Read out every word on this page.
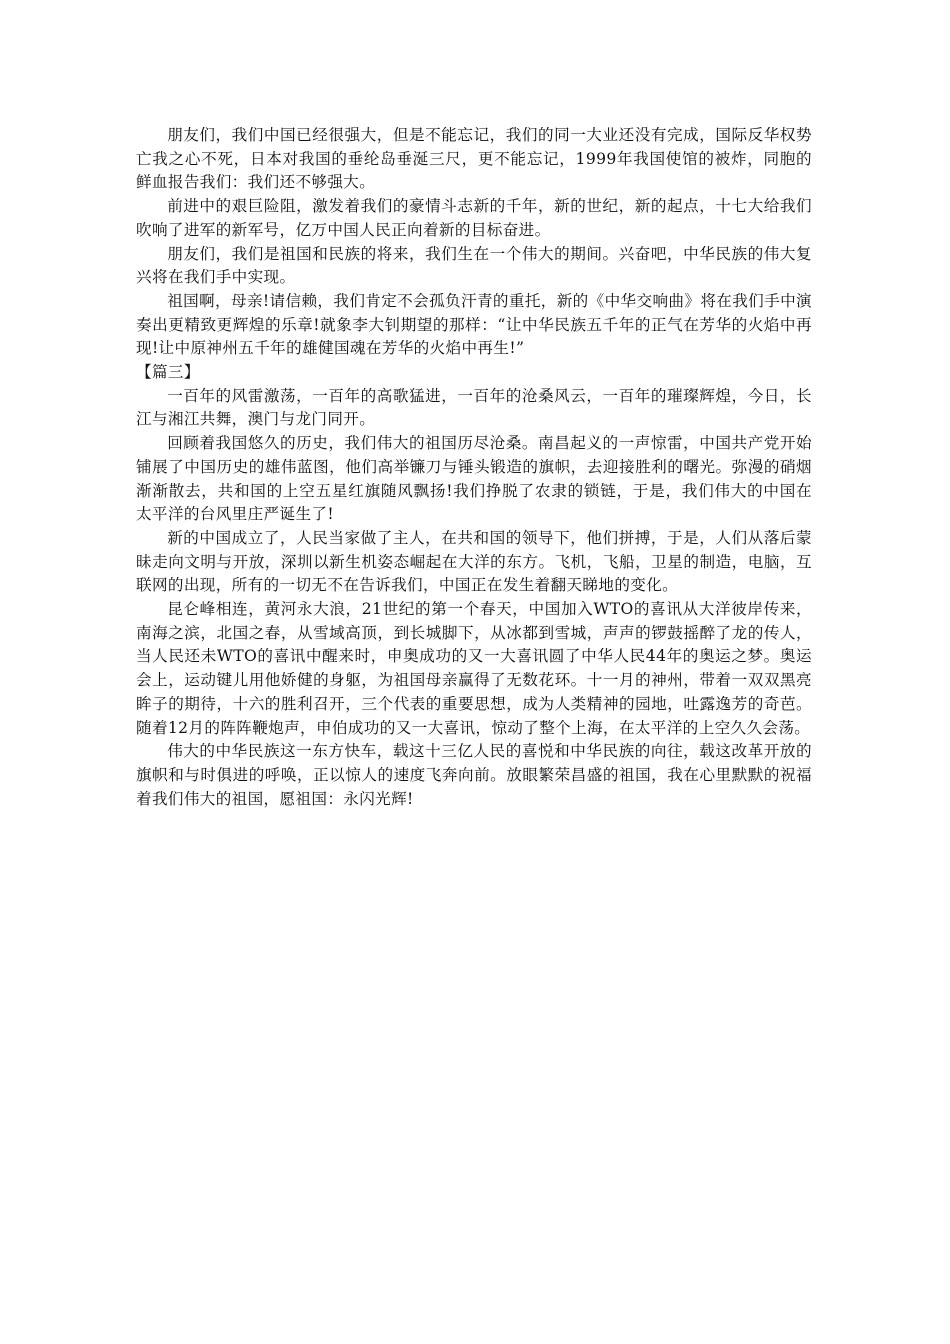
朋友们，我们中国已经很强大，但是不能忘记，我们的同一大业还没有完成，国际反华权势亡我之心不死，日本对我国的垂纶岛垂涎三尺，更不能忘记，1999年我国使馆的被炸，同胞的鲜血报告我们：我们还不够强大。

前进中的艰巨险阻，激发着我们的豪情斗志新的千年，新的世纪，新的起点，十七大给我们吹响了进军的新军号，亿万中国人民正向着新的目标奋进。

朋友们，我们是祖国和民族的将来，我们生在一个伟大的期间。兴奋吧，中华民族的伟大复兴将在我们手中实现。

祖国啊，母亲!请信赖，我们肯定不会孤负汗青的重托，新的《中华交响曲》将在我们手中演奏出更精致更辉煌的乐章!就象李大钊期望的那样：“让中华民族五千年的正气在芳华的火焰中再现!让中原神州五千年的雄健国魂在芳华的火焰中再生!”

【篇三】

一百年的风雷激荡，一百年的高歌猛进，一百年的沧桑风云，一百年的璀璨辉煌，今日，长江与湘江共舞，澳门与龙门同开。

回顾着我国悠久的历史，我们伟大的祖国历尽沧桑。南昌起义的一声惊雷，中国共产党开始铺展了中国历史的雄伟蓝图，他们高举镰刀与锤头锻造的旗帜，去迎接胜利的曙光。弥漫的硝烟渐渐散去，共和国的上空五星红旗随风飘扬!我们挣脱了农隶的锁链，于是，我们伟大的中国在太平洋的台风里庄严诞生了!

新的中国成立了，人民当家做了主人，在共和国的领导下，他们拼搏，于是，人们从落后蒙昧走向文明与开放，深圳以新生机姿态崛起在大洋的东方。飞机，飞船，卫星的制造，电脑，互联网的出现，所有的一切无不在告诉我们，中国正在发生着翻天睇地的变化。

昆仑峰相连，黄河永大浪，21世纪的第一个春天，中国加入WTO的喜讯从大洋彼岸传来，南海之滨，北国之春，从雪域高顶，到长城脚下，从冰都到雪城，声声的锣鼓摇醉了龙的传人，当人民还未WTO的喜讯中醒来时，申奥成功的又一大喜讯圆了中华人民44年的奥运之梦。奥运会上，运动键儿用他娇健的身躯，为祖国母亲赢得了无数花环。十一月的神州，带着一双双黑亮眸子的期待，十六的胜利召开，三个代表的重要思想，成为人类精神的园地，吐露逸芳的奇芭。随着12月的阵阵鞭炮声，申伯成功的又一大喜讯，惊动了整个上海，在太平洋的上空久久会荡。

伟大的中华民族这一东方快车，载这十三亿人民的喜悦和中华民族的向往，载这改革开放的旗帜和与时俱进的呼唤，正以惊人的速度飞奔向前。放眼繁荣昌盛的祖国，我在心里默默的祝福着我们伟大的祖国，愿祖国：永闪光辉!
